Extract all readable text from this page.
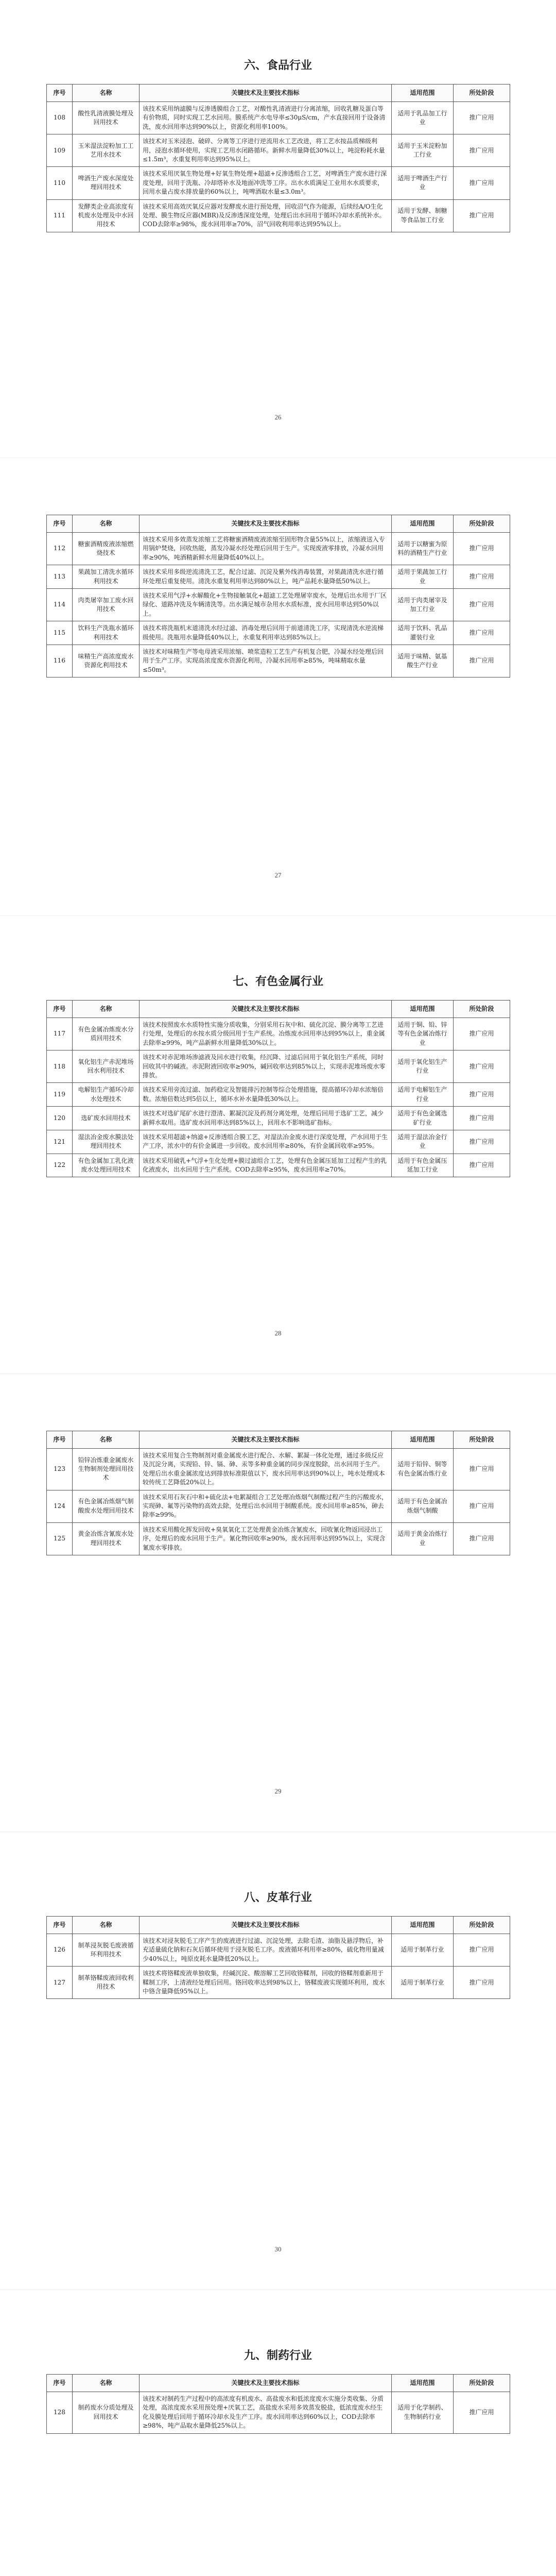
六、食品行业
序号	名称	关键技术及主要技术指标	适用范围	所处阶段
108	酸性乳清液膜处理及回用技术	该技术采用纳滤膜与反渗透膜组合工艺，对酸性乳清液进行分离浓缩，回收乳糖及蛋白等有价物质，同时实现工艺水回用。膜系统产水电导率≤30μS/cm，产水直接回用于设备清洗，废水回用率达到90%以上，资源化利用率100%。	适用于乳品加工行业	推广应用
109	玉米湿法淀粉加工工艺用水技术	该技术对玉米浸泡、破碎、分离等工序进行逆流用水工艺改进，将工艺水按品质梯级利用，浸泡水循环使用，实现工艺用水闭路循环。新鲜水用量降低30%以上，吨淀粉耗水量≤1.5m³，水重复利用率达到95%以上。	适用于玉米淀粉加工行业	推广应用
110	啤酒生产废水深度处理回用技术	该技术采用厌氧生物处理+好氧生物处理+超滤+反渗透组合工艺，对啤酒生产废水进行深度处理，回用于洗瓶、冷却塔补水及地面冲洗等工序。出水水质满足工业用水水质要求，回用水量占废水排放量的60%以上，吨啤酒取水量≤3.0m³。	适用于啤酒生产行业	推广应用
111	发酵类企业高浓度有机废水处理及中水回用技术	该技术采用高效厌氧反应器对发酵废水进行预处理，回收沼气作为能源，后续经A/O生化处理、膜生物反应器(MBR)及反渗透深度处理，处理后出水回用于循环冷却水系统补水。COD去除率≥98%，废水回用率≥70%，沼气回收利用率达到95%以上。	适用于发酵、制糖等食品加工行业	推广应用
26
序号	名称	关键技术及主要技术指标	适用范围	所处阶段
112	糖蜜酒精废液浓缩燃烧技术	该技术采用多效蒸发浓缩工艺将糖蜜酒精废液浓缩至固形物含量55%以上，浓缩液送入专用锅炉焚烧，回收热能，蒸发冷凝水经处理后回用于生产。实现废液零排放，冷凝水回用率≥90%，吨酒精新鲜水用量降低40%以上。	适用于以糖蜜为原料的酒精生产行业	推广应用
113	果蔬加工清洗水循环利用技术	该技术采用多级逆流清洗工艺，配合过滤、沉淀及紫外线消毒装置，对果蔬清洗水进行循环处理后重复使用。清洗水重复利用率达到80%以上，吨产品耗水量降低50%以上。	适用于果蔬加工行业	推广应用
114	肉类屠宰加工废水回用技术	该技术采用气浮+水解酸化+生物接触氧化+超滤工艺处理屠宰废水，处理后出水用于厂区绿化、道路冲洗及车辆清洗等。出水满足城市杂用水水质标准，废水回用率达到50%以上。	适用于肉类屠宰及加工行业	推广应用
115	饮料生产洗瓶水循环利用技术	该技术将洗瓶机末道清洗水经过滤、消毒处理后回用于前道清洗工序，实现清洗水逆流梯级使用。洗瓶用水量降低40%以上，水重复利用率达到85%以上。	适用于饮料、乳品灌装行业	推广应用
116	味精生产高浓度废水资源化利用技术	该技术对味精生产等电母液采用浓缩、喷浆造粒工艺生产有机复合肥，冷凝水经处理后回用于生产工序。实现高浓度废水资源化利用，冷凝水回用率≥85%，吨味精取水量≤50m³。	适用于味精、氨基酸生产行业	推广应用
27
七、有色金属行业
序号	名称	关键技术及主要技术指标	适用范围	所处阶段
117	有色金属冶炼废水分质回用技术	该技术按照废水水质特性实施分质收集，分别采用石灰中和、硫化沉淀、膜分离等工艺进行处理，处理后的水按水质分级回用于生产系统。冶炼废水回用率达到95%以上，重金属去除率≥99%，吨产品新鲜水用量降低30%以上。	适用于铜、铅、锌等有色金属冶炼行业	推广应用
118	氧化铝生产赤泥堆场回水利用技术	该技术对赤泥堆场渗滤液及回水进行收集，经沉降、过滤后回用于氧化铝生产系统，同时回收其中的碱液。赤泥附液回收率≥90%，碱回收率达到85%以上，实现赤泥堆场废水零排放。	适用于氧化铝生产行业	推广应用
119	电解铝生产循环冷却水处理技术	该技术采用旁流过滤、加药稳定及智能排污控制等综合处理措施，提高循环冷却水浓缩倍数。浓缩倍数达到5倍以上，循环水补水量降低30%以上。	适用于电解铝生产行业	推广应用
120	选矿废水回用技术	该技术对选矿尾矿水进行澄清、絮凝沉淀及药剂分离处理，处理后回用于选矿工艺，减少新鲜水取用。选矿废水回用率达到85%以上，回用水不影响选矿指标。	适用于有色金属选矿行业	推广应用
121	湿法冶金废水膜法处理回用技术	该技术采用超滤+纳滤+反渗透组合膜工艺，对湿法冶金废水进行深度处理，产水回用于生产工序，浓水中的有价金属进一步回收。废水回用率≥80%，有价金属回收率≥95%。	适用于湿法冶金行业	推广应用
122	有色金属加工乳化液废水处理回用技术	该技术采用破乳+气浮+生化处理+膜过滤组合工艺，处理有色金属压延加工过程产生的乳化液废水，出水回用于生产系统。COD去除率≥95%，废水回用率≥70%。	适用于有色金属压延加工行业	推广应用
28
序号	名称	关键技术及主要技术指标	适用范围	所处阶段
123	铅锌冶炼重金属废水生物制剂处理回用技术	该技术采用复合生物制剂对重金属废水进行配合、水解、絮凝一体化处理，通过多级反应及沉淀分离，实现铅、锌、镉、砷、汞等多种重金属的同步深度脱除，出水回用于生产。处理后出水重金属浓度达到排放标准限值以下，废水回用率达到90%以上，吨水处理成本较传统工艺降低20%以上。	适用于铅锌、铜等有色金属冶炼行业	推广应用
124	有色金属冶炼烟气制酸废水处理回用技术	该技术采用石灰石中和+硫化法+电絮凝组合工艺处理冶炼烟气制酸过程产生的污酸废水，实现砷、氟等污染物的高效去除，处理后出水回用于制酸系统。废水回用率≥85%，砷去除率≥99%。	适用于有色金属冶炼烟气制酸	推广应用
125	黄金冶炼含氰废水处理回用技术	该技术采用酸化挥发回收+臭氧氧化工艺处理黄金冶炼含氰废水，回收氰化物返回浸出工序，处理后的废水回用于生产。氰化物回收率≥90%，废水回用率达到95%以上，实现含氰废水零排放。	适用于黄金冶炼行业	推广应用
29
八、皮革行业
序号	名称	关键技术及主要技术指标	适用范围	所处阶段
126	制革浸灰脱毛废液循环利用技术	该技术对浸灰脱毛工序产生的废液进行过滤、沉淀处理，去除毛渣、油脂及悬浮物后，补充适量硫化钠和石灰后循环使用于浸灰脱毛工序。废液循环利用率≥80%，硫化物用量减少40%以上，吨原皮耗水量降低20%以上。	适用于制革行业	推广应用
127	制革铬鞣废液回收利用技术	该技术将铬鞣废液单独收集，经碱沉淀、酸溶解工艺回收铬鞣剂，回收的铬鞣剂重新用于鞣制工序，上清液经处理后回用。铬回收率达到98%以上，铬鞣废液实现循环利用，废水中铬含量降低95%以上。	适用于制革行业	推广应用
30
九、制药行业
序号	名称	关键技术及主要技术指标	适用范围	所处阶段
128	制药废水分质处理及回用技术	该技术对制药生产过程中的高浓度有机废水、高盐废水和低浓度废水实施分类收集、分质处理，高浓度废水采用预处理+厌氧工艺，高盐废水采用多效蒸发脱盐，低浓度废水经生化及膜处理后回用于循环冷却水及生产工序。废水回用率达到60%以上，COD去除率≥98%，吨产品取水量降低25%以上。	适用于化学制药、生物制药行业	推广应用
